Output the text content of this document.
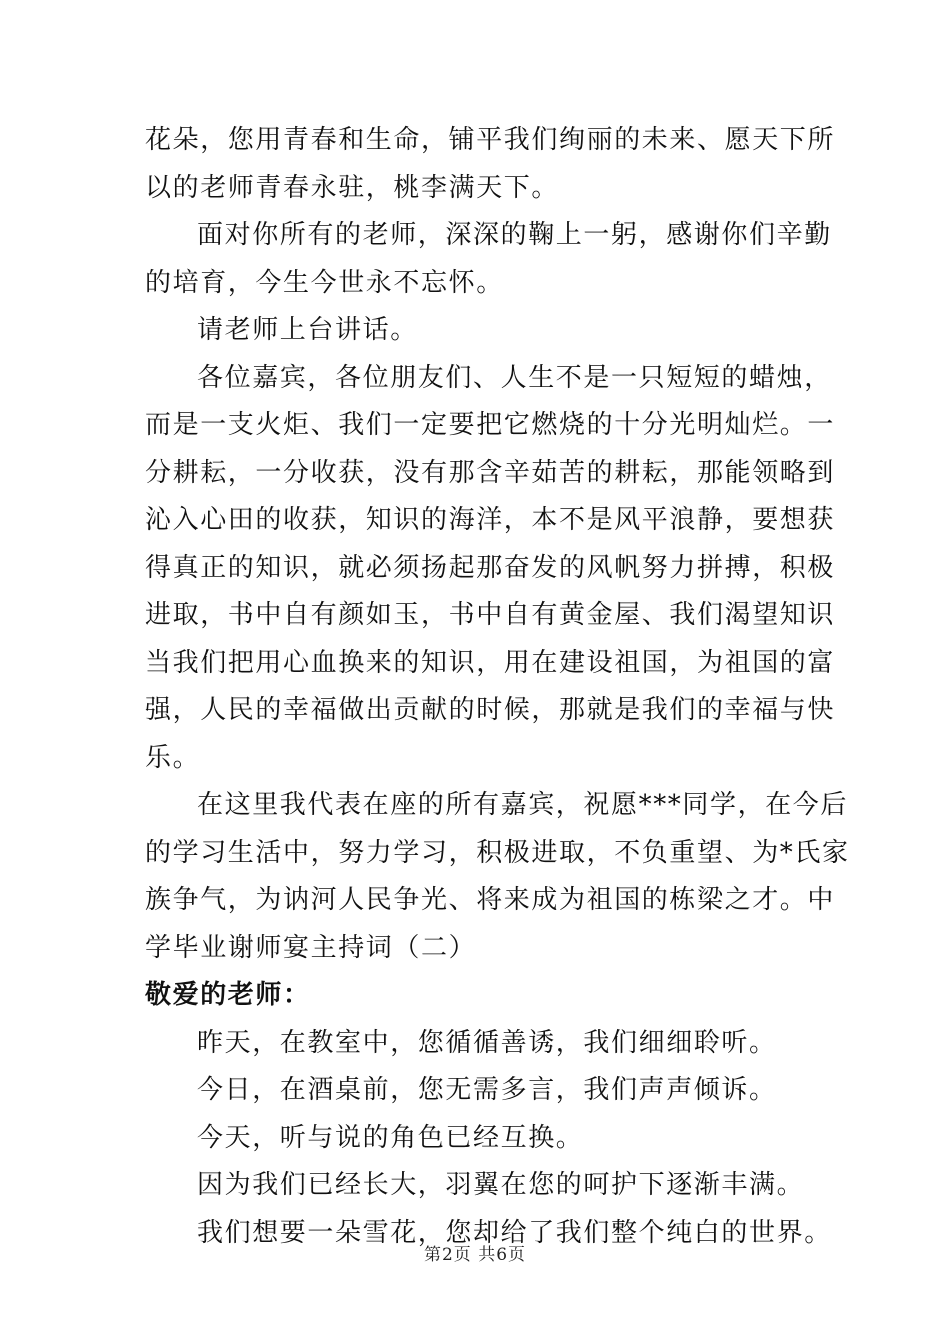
花朵，您用青春和生命，铺平我们绚丽的未来、愿天下所
以的老师青春永驻，桃李满天下。

面对你所有的老师，深深的鞠上一躬，感谢你们辛勤
的培育，今生今世永不忘怀。

请老师上台讲话。

各位嘉宾，各位朋友们、人生不是一只短短的蜡烛，
而是一支火炬、我们一定要把它燃烧的十分光明灿烂。一
分耕耘，一分收获，没有那含辛茹苦的耕耘，那能领略到
沁入心田的收获，知识的海洋，本不是风平浪静，要想获
得真正的知识，就必须扬起那奋发的风帆努力拼搏，积极
进取，书中自有颜如玉，书中自有黄金屋、我们渴望知识
当我们把用心血换来的知识，用在建设祖国，为祖国的富
强，人民的幸福做出贡献的时候，那就是我们的幸福与快
乐。

在这里我代表在座的所有嘉宾，祝愿***同学，在今后
的学习生活中，努力学习，积极进取，不负重望、为*氏家
族争气，为讷河人民争光、将来成为祖国的栋梁之才。中
学毕业谢师宴主持词（二）

敬爱的老师：

昨天，在教室中，您循循善诱，我们细细聆听。
今日，在酒桌前，您无需多言，我们声声倾诉。
今天，听与说的角色已经互换。
因为我们已经长大，羽翼在您的呵护下逐渐丰满。
我们想要一朵雪花，您却给了我们整个纯白的世界。

第2页 共6页
